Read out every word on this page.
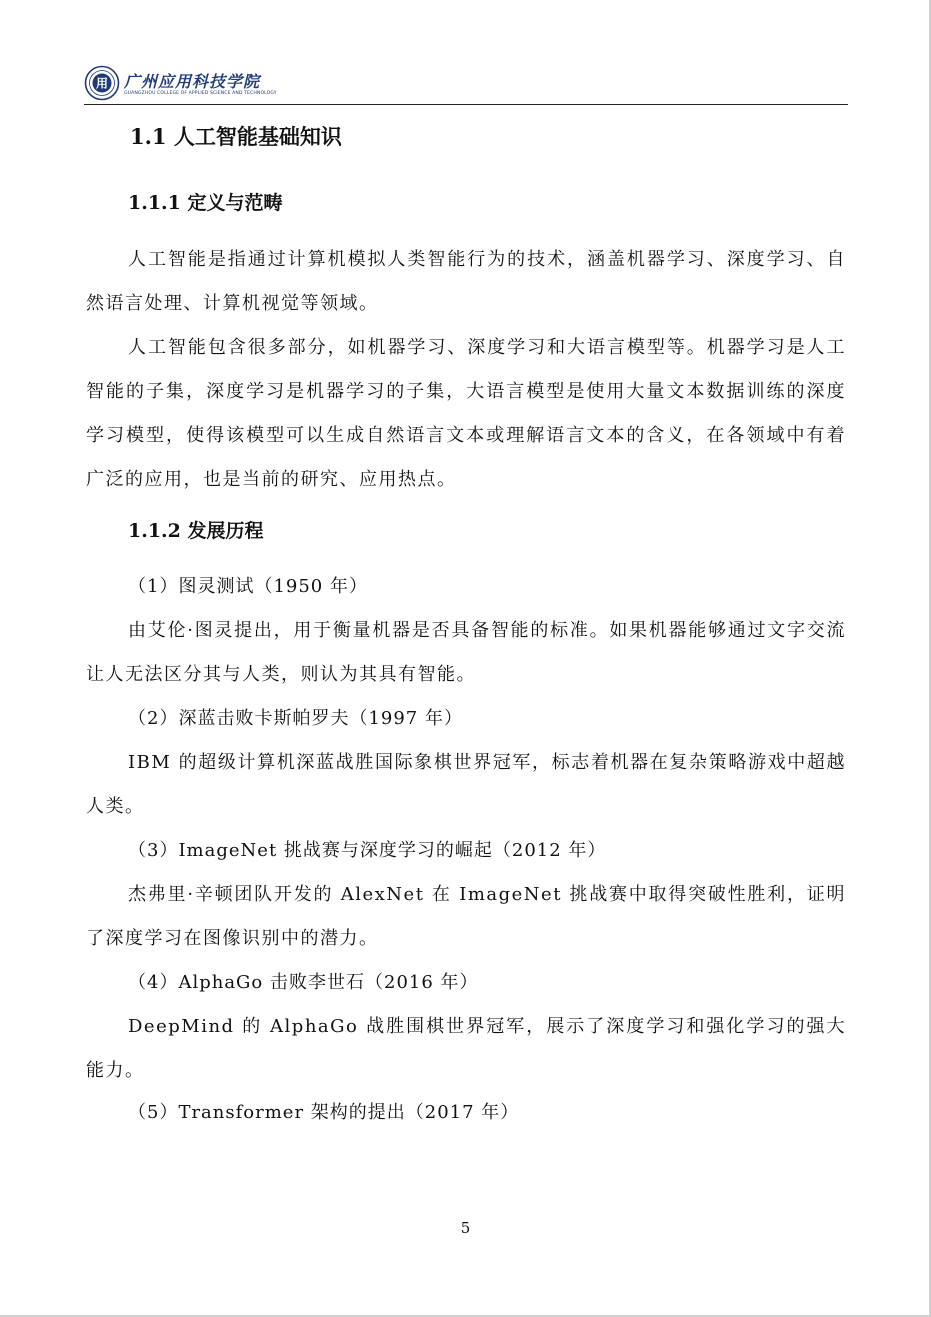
用 广州应用科技学院
GUANGZHOU COLLEGE OF APPLIED SCIENCE AND TECHNOLOGY
1.1 人工智能基础知识
1.1.1 定义与范畴

人工智能是指通过计算机模拟人类智能行为的技术，涵盖机器学习、深度学习、自然语言处理、计算机视觉等领域。

人工智能包含很多部分，如机器学习、深度学习和大语言模型等。机器学习是人工智能的子集，深度学习是机器学习的子集，大语言模型是使用大量文本数据训练的深度学习模型，使得该模型可以生成自然语言文本或理解语言文本的含义，在各领域中有着广泛的应用，也是当前的研究、应用热点。

1.1.2 发展历程
（1）图灵测试（1950 年）

由艾伦·图灵提出，用于衡量机器是否具备智能的标准。如果机器能够通过文字交流让人无法区分其与人类，则认为其具有智能。

（2）深蓝击败卡斯帕罗夫（1997 年）

IBM 的超级计算机深蓝战胜国际象棋世界冠军，标志着机器在复杂策略游戏中超越人类。

（3）ImageNet 挑战赛与深度学习的崛起（2012 年）

杰弗里·辛顿团队开发的 AlexNet 在 ImageNet 挑战赛中取得突破性胜利，证明了深度学习在图像识别中的潜力。

（4）AlphaGo 击败李世石（2016 年）

DeepMind 的 AlphaGo 战胜围棋世界冠军，展示了深度学习和强化学习的强大能力。

（5）Transformer 架构的提出（2017 年）
5
